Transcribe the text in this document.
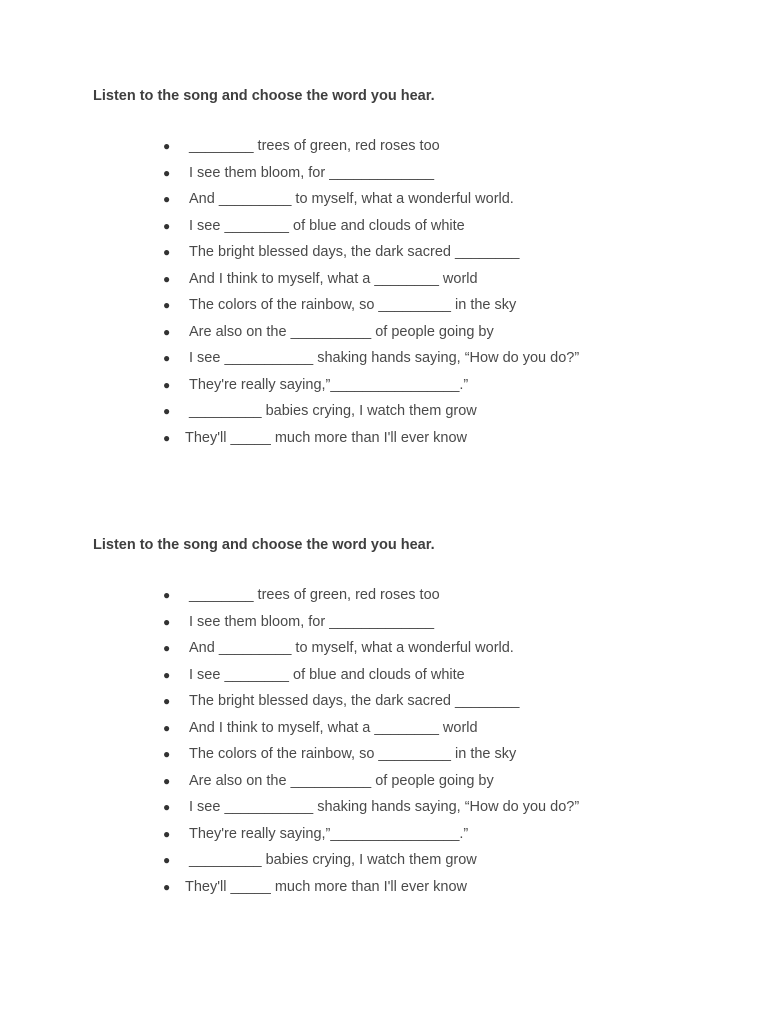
Listen to the song and choose the word you hear.
●	________ trees of green, red roses too
●	I see them bloom, for _____________
●	And _________ to myself, what a wonderful world.
●	I see ________ of blue and clouds of white
●	The bright blessed days, the dark sacred ________
●	And I think to myself, what a ________ world
●	The colors of the rainbow, so _________ in the sky
●	Are also on the __________ of people going by
●	I see ___________ shaking hands saying, “How do you do?”
●	They're really saying,”________________.”
●	_________ babies crying, I watch them grow
●	They'll _____ much more than I'll ever know
Listen to the song and choose the word you hear.
●	________ trees of green, red roses too
●	I see them bloom, for _____________
●	And _________ to myself, what a wonderful world.
●	I see ________ of blue and clouds of white
●	The bright blessed days, the dark sacred ________
●	And I think to myself, what a ________ world
●	The colors of the rainbow, so _________ in the sky
●	Are also on the __________ of people going by
●	I see ___________ shaking hands saying, “How do you do?”
●	They're really saying,”________________.”
●	_________ babies crying, I watch them grow
●	They'll _____ much more than I'll ever know
